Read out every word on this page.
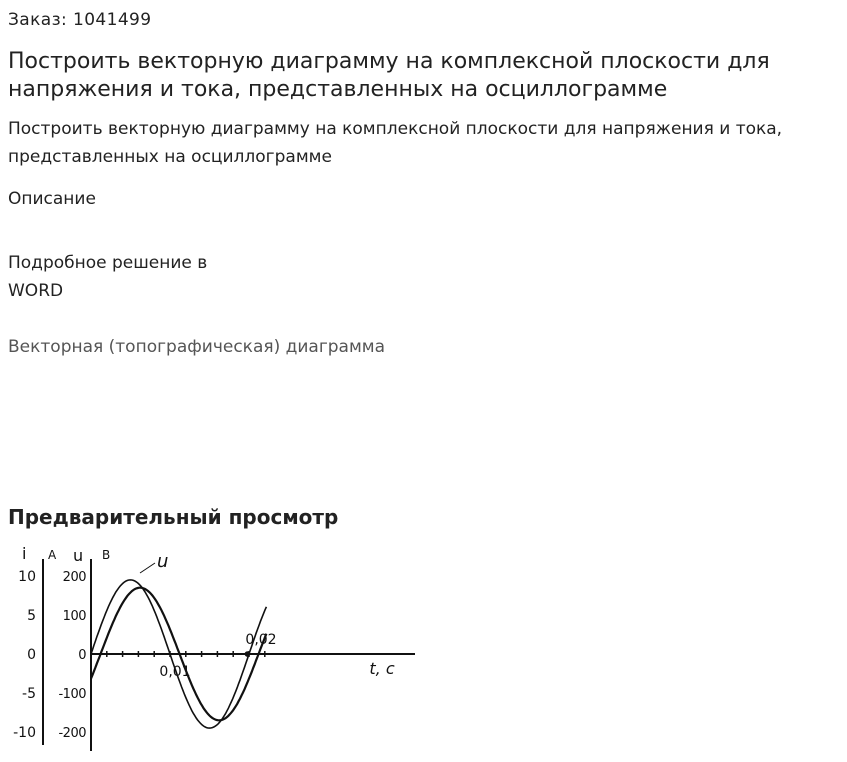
Заказ: 1041499
Построить векторную диаграмму на комплексной плоскости для напряжения и тока, представленных на осциллограмме
Построить векторную диаграмму на комплексной плоскости для напряжения и тока, представленных на осциллограмме
Описание
Подробное решение в WORD
Векторная (топографическая) диаграмма
Предварительный просмотр
i A u B
10
5
0
-5
-10
200
100
0
-100
-200
0,01
0,02
t, c
u
